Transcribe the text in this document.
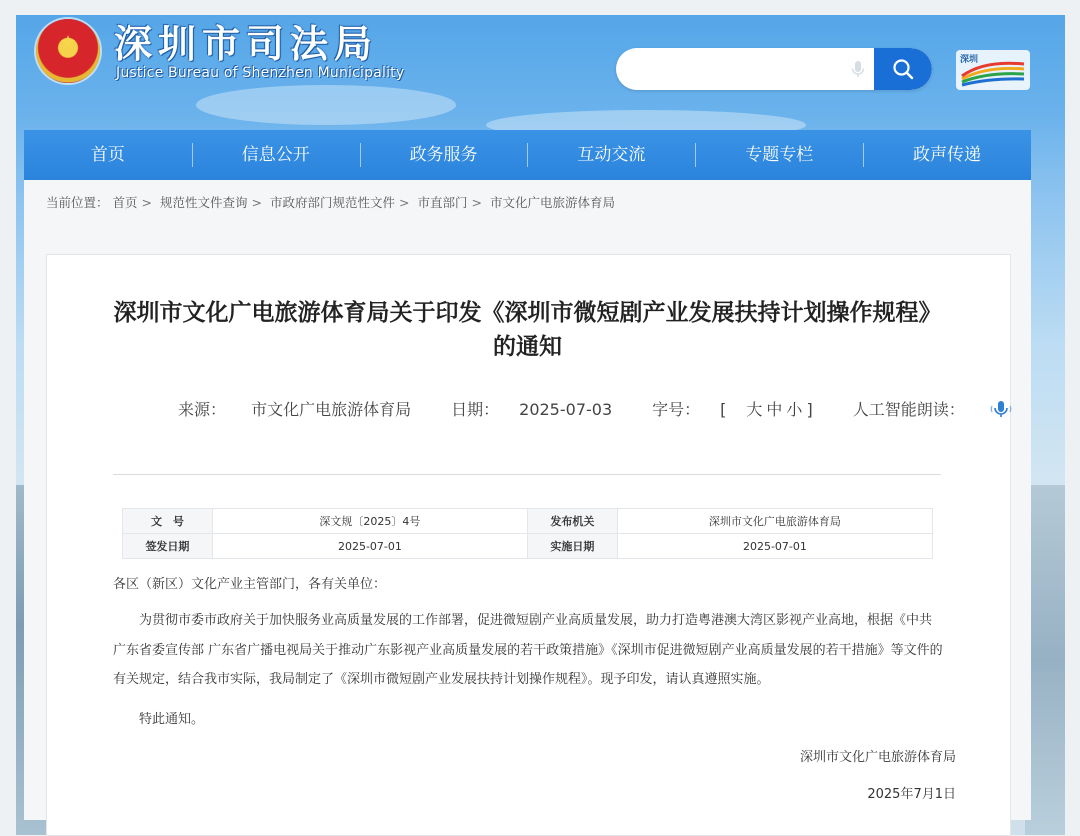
★ 深圳市司法局
Justice Bureau of Shenzhen Municipality
深圳
首页	信息公开	政务服务	互动交流	专题专栏	政声传递
当前位置： 首页 > 规范性文件查询 > 市政府部门规范性文件 > 市直部门 > 市文化广电旅游体育局
深圳市文化广电旅游体育局关于印发《深圳市微短剧产业发展扶持计划操作规程》的通知
来源： 市文化广电旅游体育局	日期： 2025-07-03	字号： [ 大 中 小 ]	人工智能朗读：
文　号	深文规〔2025〕4号	发布机关	深圳市文化广电旅游体育局
签发日期	2025-07-01	实施日期	2025-07-01
各区（新区）文化产业主管部门，各有关单位：
为贯彻市委市政府关于加快服务业高质量发展的工作部署，促进微短剧产业高质量发展，助力打造粤港澳大湾区影视产业高地，根据《中共广东省委宣传部 广东省广播电视局关于推动广东影视产业高质量发展的若干政策措施》《深圳市促进微短剧产业高质量发展的若干措施》等文件的有关规定，结合我市实际，我局制定了《深圳市微短剧产业发展扶持计划操作规程》。现予印发，请认真遵照实施。
特此通知。
深圳市文化广电旅游体育局
2025年7月1日
